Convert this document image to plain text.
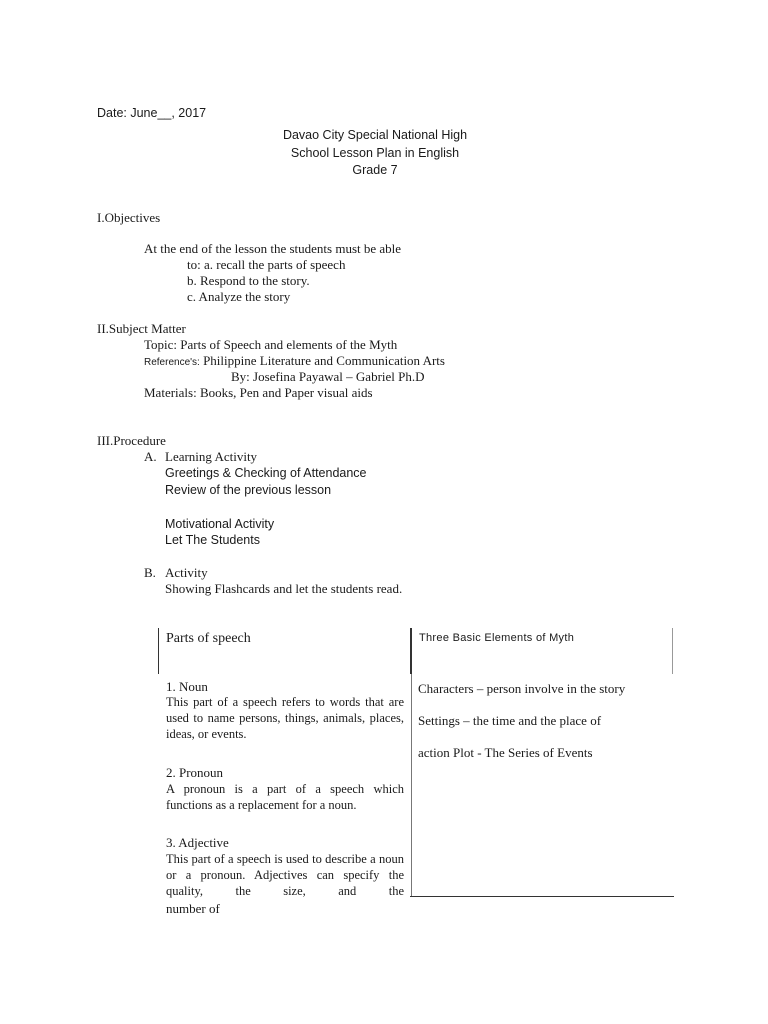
Date: June__, 2017
Davao City Special National High
School Lesson Plan in English
Grade 7
I.Objectives
At the end of the lesson the students must be able
to: a. recall the parts of speech
b. Respond to the story.
c. Analyze the story
II.Subject Matter
Topic: Parts of Speech and elements of the Myth
Reference's: Philippine Literature and Communication Arts
By: Josefina Payawal – Gabriel Ph.D
Materials: Books, Pen and Paper visual aids
III.Procedure
A. Learning Activity
Greetings & Checking of Attendance
Review of the previous lesson
Motivational Activity
Let The Students
B. Activity
Showing Flashcards and let the students read.
Parts of speech	Three Basic Elements of Myth
1. Noun
This part of a speech refers to words that are used to name persons, things, animals, places, ideas, or events.
2. Pronoun
A pronoun is a part of a speech which functions as a replacement for a noun.
3. Adjective
This part of a speech is used to describe a noun or a pronoun. Adjectives can specify the quality, the size, and the
number of
Characters – person involve in the story
Settings – the time and the place of
action Plot - The Series of Events
